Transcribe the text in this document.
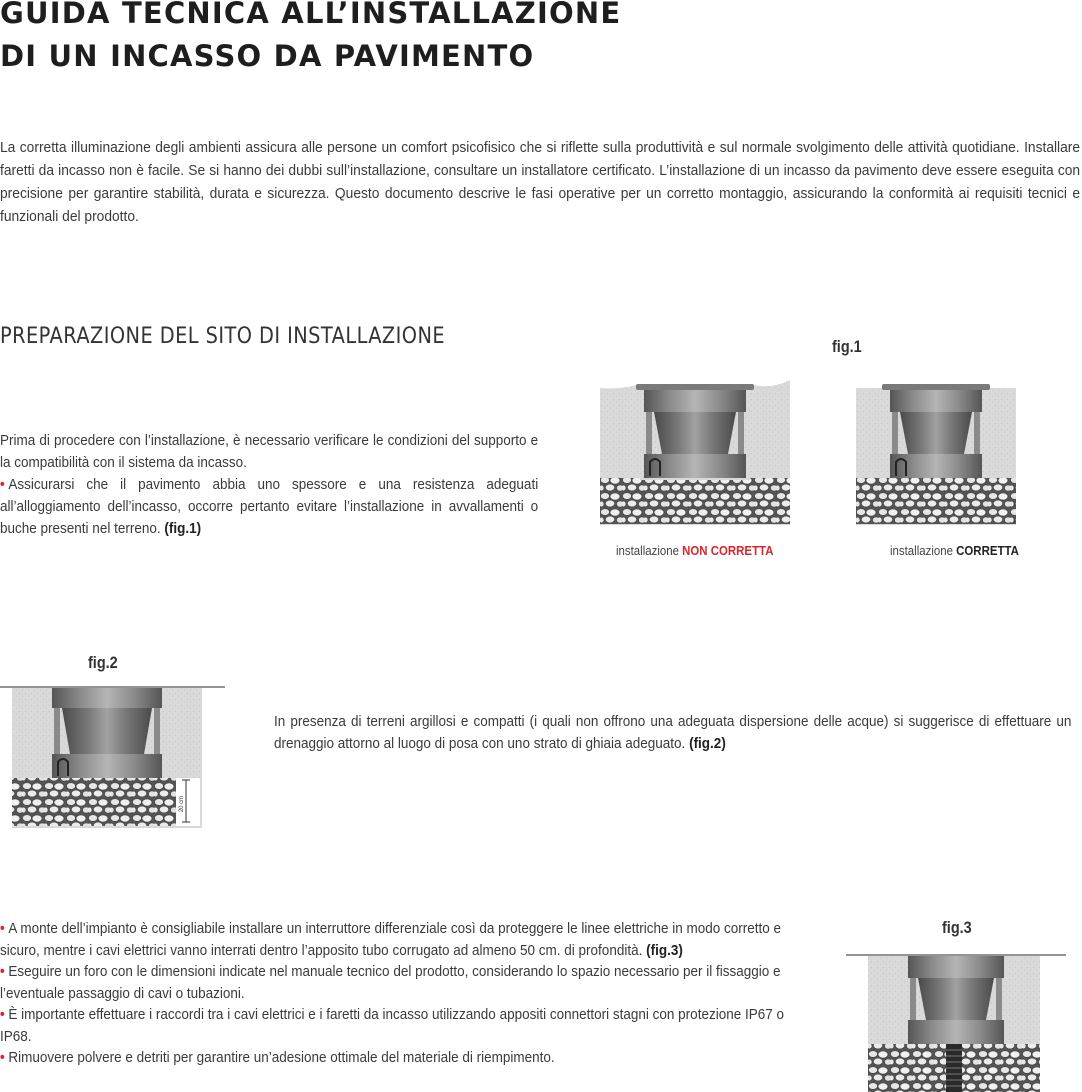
GUIDA TECNICA ALL’INSTALLAZIONE
DI UN INCASSO DA PAVIMENTO

La corretta illuminazione degli ambienti assicura alle persone un comfort psicofisico che si riflette sulla produttività e sul normale svolgimento delle attività quotidiane. Installare faretti da incasso non è facile. Se si hanno dei dubbi sull’installazione, consultare un installatore certificato. L’installazione di un incasso da pavimento deve essere eseguita con precisione per garantire stabilità, durata e sicurezza. Questo documento descrive le fasi operative per un corretto montaggio, assicurando la conformità ai requisiti tecnici e funzionali del prodotto.

PREPARAZIONE DEL SITO DI INSTALLAZIONE

Prima di procedere con l’installazione, è necessario verificare le condizioni del supporto e la compatibilità con il sistema da incasso.

• Assicurarsi che il pavimento abbia uno spessore e una resistenza adeguati all’alloggiamento dell’incasso, occorre pertanto evitare l’installazione in avvallamenti o buche presenti nel terreno. (fig.1)

fig.1
installazione NON CORRETTA	installazione CORRETTA
fig.2
20 cm

In presenza di terreni argillosi e compatti (i quali non offrono una adeguata dispersione delle acque) si suggerisce di effettuare un drenaggio attorno al luogo di posa con uno strato di ghiaia adeguato. (fig.2)

fig.3

• A monte dell’impianto è consigliabile installare un interruttore differenziale così da proteggere le linee elettriche in modo corretto e sicuro, mentre i cavi elettrici vanno interrati dentro l’apposito tubo corrugato ad almeno 50 cm. di profondità. (fig.3)

• Eseguire un foro con le dimensioni indicate nel manuale tecnico del prodotto, considerando lo spazio necessario per il fissaggio e l’eventuale passaggio di cavi o tubazioni.

• È importante effettuare i raccordi tra i cavi elettrici e i faretti da incasso utilizzando appositi connettori stagni con protezione IP67 o IP68.

• Rimuovere polvere e detriti per garantire un’adesione ottimale del materiale di riempimento.
